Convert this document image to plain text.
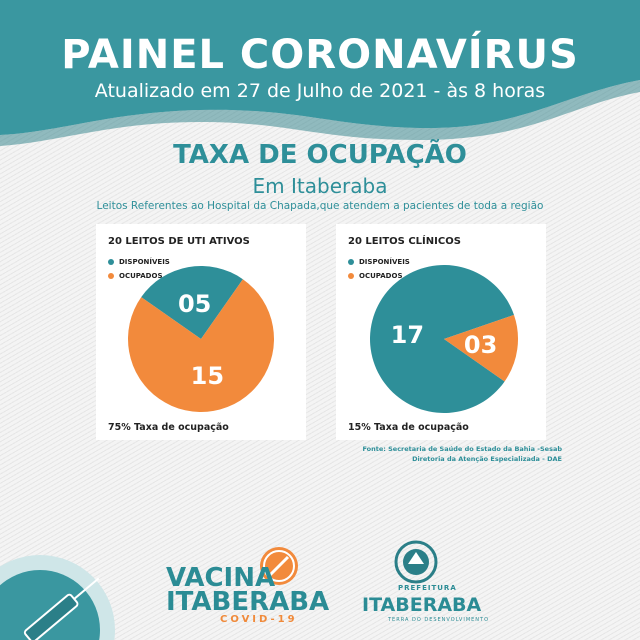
PAINEL CORONAVÍRUS
Atualizado em 27 de Julho de 2021 - às 8 horas
TAXA DE OCUPAÇÃO
Em Itaberaba
Leitos Referentes ao Hospital da Chapada,que atendem a pacientes de toda a região
20 LEITOS DE UTI ATIVOS
DISPONÍVEIS
OCUPADOS
05
15
75% Taxa de ocupação
20 LEITOS CLÍNICOS
DISPONÍVEIS
OCUPADOS
17 03
15% Taxa de ocupação
Fonte: Secretaria de Saúde do Estado da Bahia -Sesab
Diretoria da Atenção Especializada - DAE
VACINA
ITABERABA
COVID-19
PREFEITURA
ITABERABA
TERRA DO DESENVOLVIMENTO
